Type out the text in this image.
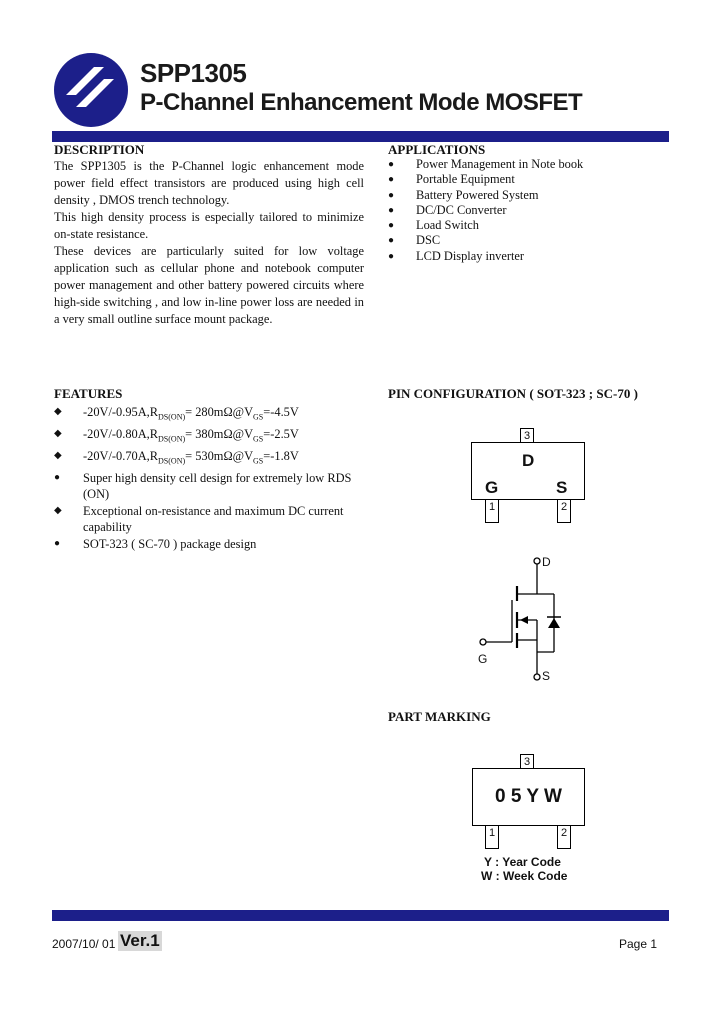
SPP1305
P-Channel Enhancement Mode MOSFET
DESCRIPTION

The SPP1305 is the P-Channel logic enhancement mode power field effect transistors are produced using high cell density , DMOS trench technology.

This high density process is especially tailored to minimize on-state resistance.

These devices are particularly suited for low voltage application such as cellular phone and notebook computer power management and other battery powered circuits where high-side switching , and low in-line power loss are needed in a very small outline surface mount package.

APPLICATIONS
● Power Management in Note book
● Portable Equipment
● Battery Powered System
● DC/DC Converter
● Load Switch
● DSC
● LCD Display inverter
FEATURES
◆ $-20V/-0.95A,R_{DS(ON)}=$ $280m\Omega@V_{GS}=-4.5V$
◆ $-20V/-0.80A,R_{DS(ON)}=$ $380m\Omega@V_{GS}=-2.5V$
◆ $-20V/-0.70A,R_{DS(ON)}=$ $530m\Omega@V_{GS}=-1.8V$
● Super high density cell design for extremely low RDS (ON)
◆ Exceptional on-resistance and maximum DC current capability
● SOT-323 ( SC-70 ) package design
PIN CONFIGURATION ( SOT-323 ; SC-70 )
3
D
G	S
1	2
D
G
S
PART MARKING
3
0 5 Y W
1	2
Y : Year Code
W : Week Code
2007/10/ 01 Ver.1	Page 1
